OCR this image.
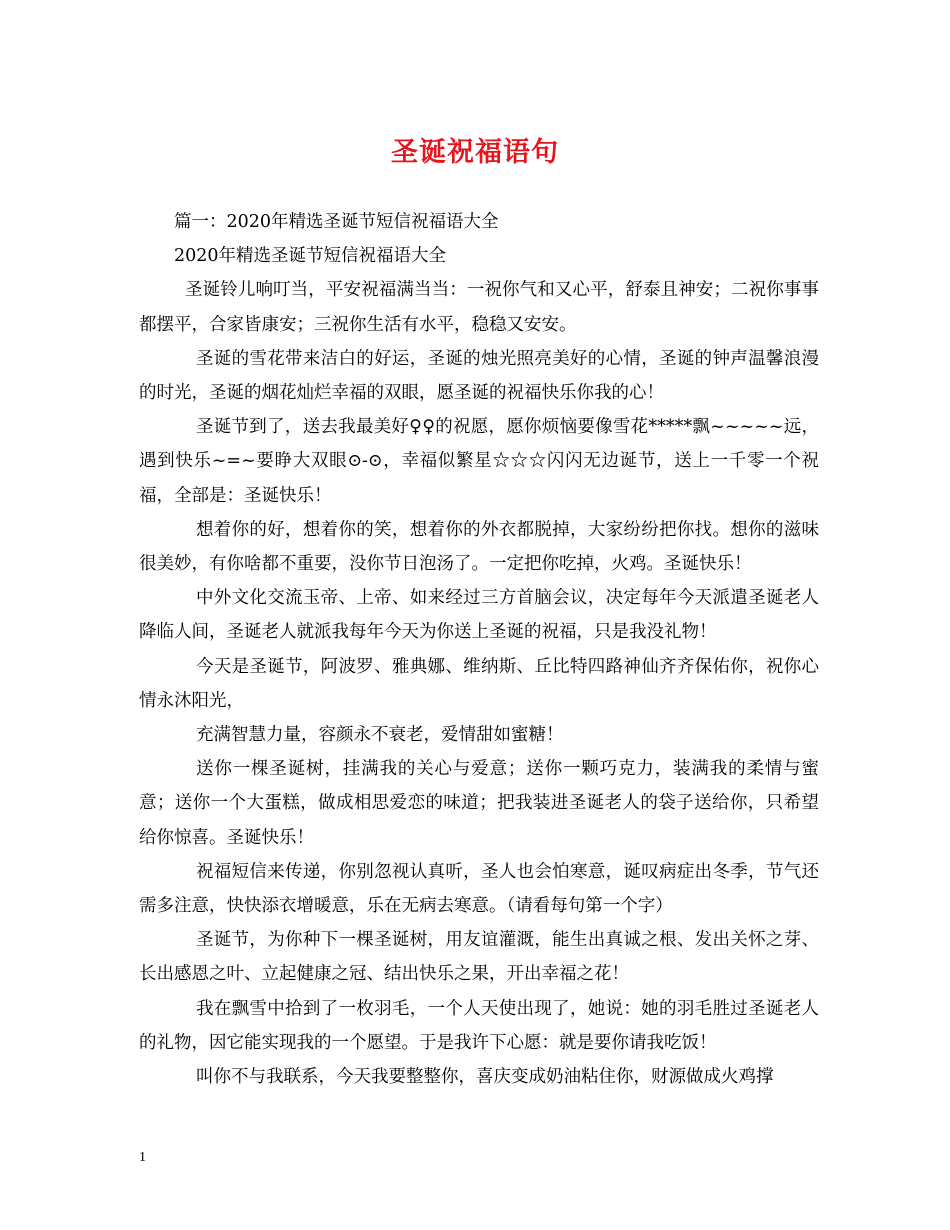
圣诞祝福语句

篇一：2020年精选圣诞节短信祝福语大全

2020年精选圣诞节短信祝福语大全

圣诞铃儿响叮当，平安祝福满当当：一祝你气和又心平，舒泰且神安；二祝你事事都摆平，合家皆康安；三祝你生活有水平，稳稳又安安。

圣诞的雪花带来洁白的好运，圣诞的烛光照亮美好的心情，圣诞的钟声温馨浪漫的时光，圣诞的烟花灿烂幸福的双眼，愿圣诞的祝福快乐你我的心！

圣诞节到了，送去我最美好♀♀的祝愿，愿你烦恼要像雪花*****飘~~~~~远，遇到快乐~=~要睁大双眼⊙-⊙，幸福似繁星☆☆☆闪闪无边诞节，送上一千零一个祝福，全部是：圣诞快乐！

想着你的好，想着你的笑，想着你的外衣都脱掉，大家纷纷把你找。想你的滋味很美妙，有你啥都不重要，没你节日泡汤了。一定把你吃掉，火鸡。圣诞快乐！

中外文化交流玉帝、上帝、如来经过三方首脑会议，决定每年今天派遣圣诞老人降临人间，圣诞老人就派我每年今天为你送上圣诞的祝福，只是我没礼物！

今天是圣诞节，阿波罗、雅典娜、维纳斯、丘比特四路神仙齐齐保佑你，祝你心情永沐阳光，

充满智慧力量，容颜永不衰老，爱情甜如蜜糖！

送你一棵圣诞树，挂满我的关心与爱意；送你一颗巧克力，装满我的柔情与蜜意；送你一个大蛋糕，做成相思爱恋的味道；把我装进圣诞老人的袋子送给你，只希望给你惊喜。圣诞快乐！

祝福短信来传递，你别忽视认真听，圣人也会怕寒意，诞叹病症出冬季，节气还需多注意，快快添衣增暖意，乐在无病去寒意。（请看每句第一个字）

圣诞节，为你种下一棵圣诞树，用友谊灌溉，能生出真诚之根、发出关怀之芽、长出感恩之叶、立起健康之冠、结出快乐之果，开出幸福之花！

我在飘雪中拾到了一枚羽毛，一个人天使出现了，她说：她的羽毛胜过圣诞老人的礼物，因它能实现我的一个愿望。于是我许下心愿：就是要你请我吃饭！

叫你不与我联系，今天我要整整你，喜庆变成奶油粘住你，财源做成火鸡撑

1
